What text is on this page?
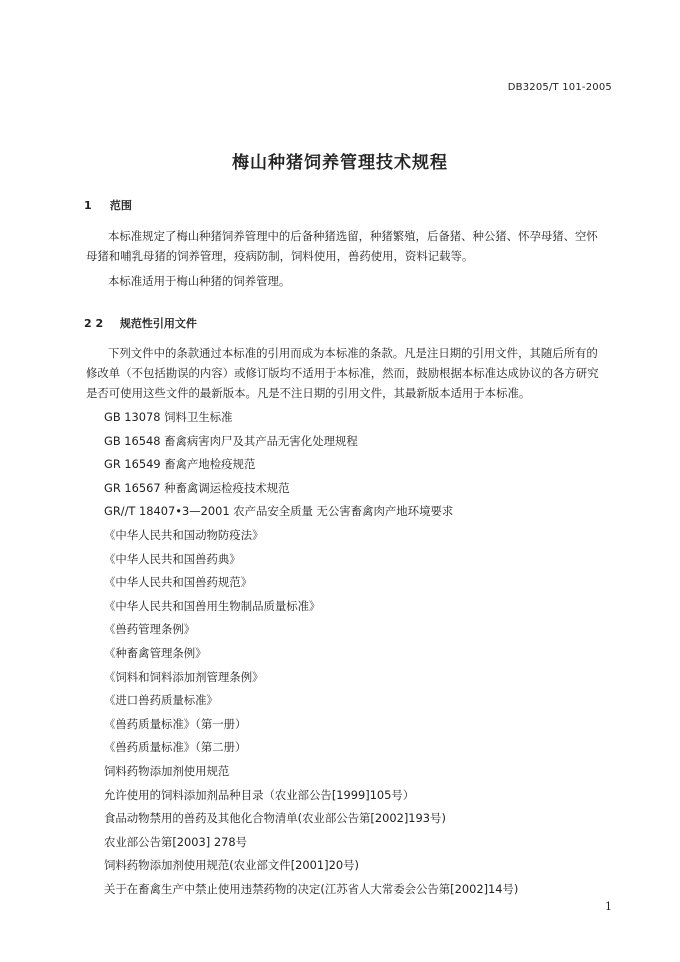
DB3205/T 101-2005
梅山种猪饲养管理技术规程
1 范围
本标准规定了梅山种猪饲养管理中的后备种猪选留，种猪繁殖，后备猪、种公猪、怀孕母猪、空怀
母猪和哺乳母猪的饲养管理，疫病防制，饲料使用，兽药使用，资料记载等。
本标准适用于梅山种猪的饲养管理。
2 2 规范性引用文件
下列文件中的条款通过本标准的引用而成为本标准的条款。凡是注日期的引用文件，其随后所有的
修改单（不包括勘误的内容）或修订版均不适用于本标准，然而，鼓励根据本标准达成协议的各方研究
是否可使用这些文件的最新版本。凡是不注日期的引用文件，其最新版本适用于本标准。
GB 13078 饲料卫生标准
GB 16548 畜禽病害肉尸及其产品无害化处理规程
GR 16549 畜禽产地检疫规范
GR 16567 种畜禽调运检疫技术规范
GR/​/T 18407•3—2001 农产品安全质量 无公害畜禽肉产地环境要求
《中华人民共和国动物防疫法》
《中华人民共和国兽药典》
《中华人民共和国兽药规范》
《中华人民共和国兽用生物制品质量标准》
《兽药管理条例》
《种畜禽管理条例》
《饲料和饲料添加剂管理条例》
《进口兽药质量标准》
《兽药质量标准》（第一册）
《兽药质量标准》（第二册）
饲料药物添加剂使用规范
允许使用的饲料添加剂品种目录（农业部公告[1999]105号）
食品动物禁用的兽药及其他化合物清单(农业部公告第[2002]193号)
农业部公告第[2003] 278号
饲料药物添加剂使用规范(农业部文件[2001]20号)
关于在畜禽生产中禁止使用违禁药物的决定(江苏省人大常委会公告第[2002]14号)
1
